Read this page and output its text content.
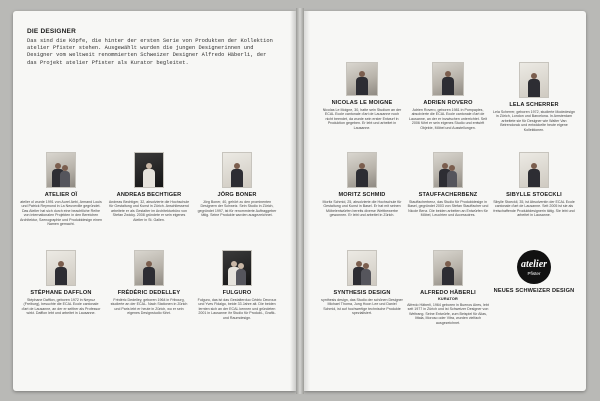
DIE DESIGNER
Das sind die Köpfe, die hinter der ersten Serie von Produkten der Kollektion atelier Pfister stehen. Ausgewählt wurden die jungen Designerinnen und Designer vom weltweit renommierten Schweizer Designer Alfredo Häberli, der das Projekt atelier Pfister als Kurator begleitet.
ATELIER OÏ
atelier oï wurde 1991 von Aurel Aebi, Armand Louis und Patrick Reymond in La Neuveville gegründet. Das Atelier hat sich durch eine beachtliche Reihe von internationalen Projekten in den Bereichen Architektur, Szenographie und Produktdesign einen Namen gemacht.
ANDREAS BECHTIGER
Andreas Bechtiger, 32, absolvierte die Hochschule für Gestaltung und Kunst in Zürich. Anschliessend arbeitete er als Gestalter im Architekturbüro von Stefan Zwicky. 2008 gründete er sein eigenes Atelier in St. Gallen.
JÖRG BONER
Jörg Boner, 40, gehört zu den prominenten Designern der Schweiz. Sein Studio in Zürich, gegründet 1997, ist für renommierte Auftraggeber tätig. Seine Produkte wurden ausgezeichnet.
STÉPHANE DAFFLON
Stéphane Dafflon, geboren 1972 in Neyruz (Freiburg), besuchte die ECAL Ecole cantonale d'art de Lausanne, an der er seither als Professor wirkt. Dafflon lebt und arbeitet in Lausanne.
FRÉDÉRIC DEDELLEY
Frédéric Dedelley, geboren 1964 in Fribourg, studierte an der ECAL. Nach Stationen in Zürich und Paris lebt er heute in Zürich, wo er sein eigenes Designstudio führt.
FULGURO
Fulguro, das ist das Gestalterduo Cédric Decroux und Yves Fidalgo, beide 33 Jahre alt. Die beiden lernten sich an der ECAL kennen und gründeten 2001 in Lausanne ihr Studio für Produkt-, Grafik- und Raumdesign.
NICOLAS LE MOIGNE
Nicolas Le Moigne, 30, hatte sein Studium an der ECAL Ecole cantonale d'art de Lausanne noch nicht beendet, da wurde sein erster Entwurf in Produktion gegeben. Er lebt und arbeitet in Lausanne.
ADRIEN ROVERO
Adrien Rovero, geboren 1981 in Pompaples, absolvierte die ECAL Ecole cantonale d'art de Lausanne, an der er inzwischen unterrichtet. Seit 2006 führt er sein eigenes Studio und entwirft Objekte, Möbel und Ausstellungen.
LELA SCHERRER
Lela Scherrer, geboren 1972, studierte Modedesign in Zürich, London und Barcelona. In Amsterdam arbeitete sie für Designer wie Walter Van Beirendonck und entwickelte heute eigene Kollektionen.
MORITZ SCHMID
Moritz Schmid, 25, absolvierte die Hochschule für Gestaltung und Kunst in Basel. Er hat mit seinen Möbelentwürfen bereits diverse Wettbewerbe gewonnen. Er lebt und arbeitet in Zürich.
STAUFFACHERBENZ
Stauffacherbenz, das Studio für Produktdesign in Basel, gegründet 2003 von Stefan Stauffacher und Nicole Benz. Die beiden arbeiten an Entwürfen für Möbel, Leuchten und Accessoires.
SIBYLLE STOECKLI
Sibylle Stoeckli, 35, ist Absolventin der ECAL Ecole cantonale d'art de Lausanne. Seit 2005 ist sie als freischaffende Produktdesignerin tätig. Sie lebt und arbeitet in Lausanne.
SYNTHESIS DESIGN
synthesis design, das Studio der schönen Designer Michael Thoma, Jung Hoon Lee und Daniel Schmid, ist auf hochwertige technische Produkte spezialisiert.
ALFREDO HÄBERLI
KURATOR
Alfredo Häberli, 1964 geboren in Buenos Aires, lebt seit 1977 in Zürich und ist Schweizer Designer von Weltrang. Seine Entwürfe, zum Beispiel für Alias, Iittala, Moroso oder Vitra, wurden vielfach ausgezeichnet.
atelier
Pfister
NEUES SCHWEIZER DESIGN
